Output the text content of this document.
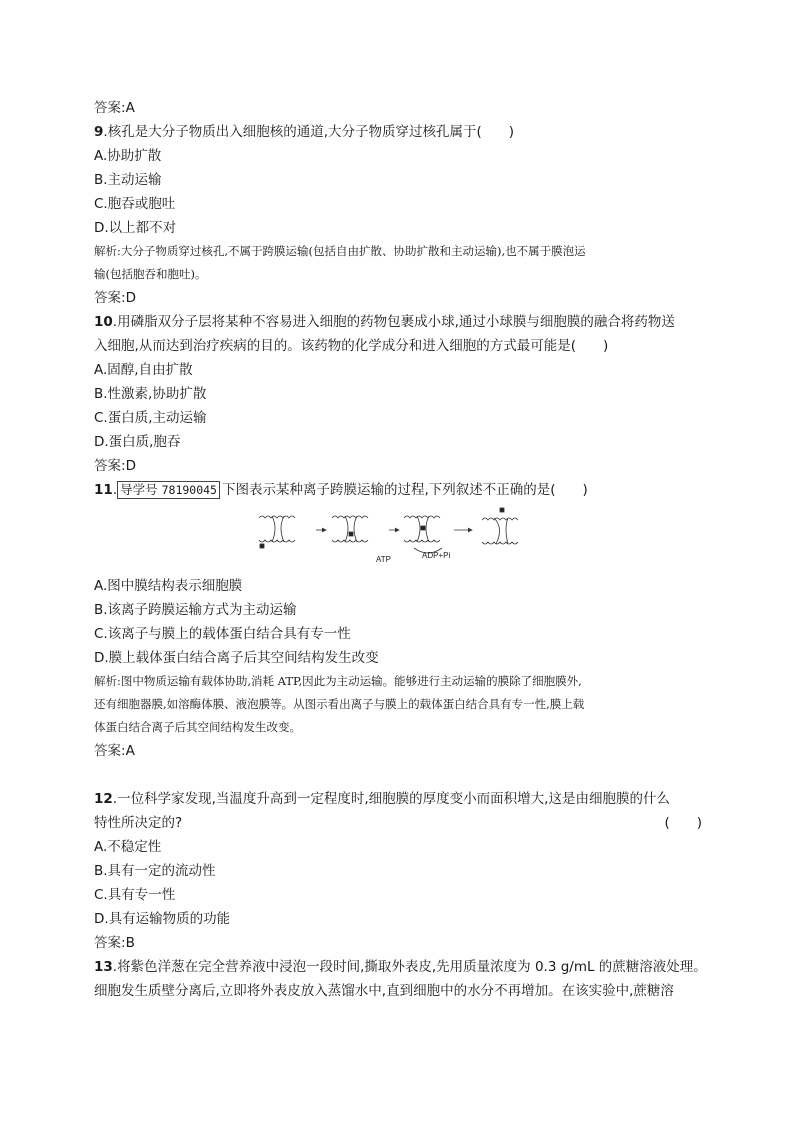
答案:A
9.核孔是大分子物质出入细胞核的通道,大分子物质穿过核孔属于(　　)
A.协助扩散
B.主动运输
C.胞吞或胞吐
D.以上都不对
解析:大分子物质穿过核孔,不属于跨膜运输(包括自由扩散、协助扩散和主动运输),也不属于膜泡运
输(包括胞吞和胞吐)。
答案:D
10.用磷脂双分子层将某种不容易进入细胞的药物包裹成小球,通过小球膜与细胞膜的融合将药物送
入细胞,从而达到治疗疾病的目的。该药物的化学成分和进入细胞的方式最可能是(　　)
A.固醇,自由扩散
B.性激素,协助扩散
C.蛋白质,主动运输
D.蛋白质,胞吞
答案:D
11. 导学号 78190045 下图表示某种离子跨膜运输的过程,下列叙述不正确的是(　　)
ATP	ADP+Pi
A.图中膜结构表示细胞膜
B.该离子跨膜运输方式为主动运输
C.该离子与膜上的载体蛋白结合具有专一性
D.膜上载体蛋白结合离子后其空间结构发生改变
解析:图中物质运输有载体协助,消耗 ATP,因此为主动运输。能够进行主动运输的膜除了细胞膜外,
还有细胞器膜,如溶酶体膜、液泡膜等。从图示看出离子与膜上的载体蛋白结合具有专一性,膜上载
体蛋白结合离子后其空间结构发生改变。
答案:A
12.一位科学家发现,当温度升高到一定程度时,细胞膜的厚度变小而面积增大,这是由细胞膜的什么
特性所决定的?	(　　)
A.不稳定性
B.具有一定的流动性
C.具有专一性
D.具有运输物质的功能
答案:B
13.将紫色洋葱在完全营养液中浸泡一段时间,撕取外表皮,先用质量浓度为 0.3 g/mL 的蔗糖溶液处理。
细胞发生质壁分离后,立即将外表皮放入蒸馏水中,直到细胞中的水分不再增加。在该实验中,蔗糖溶
